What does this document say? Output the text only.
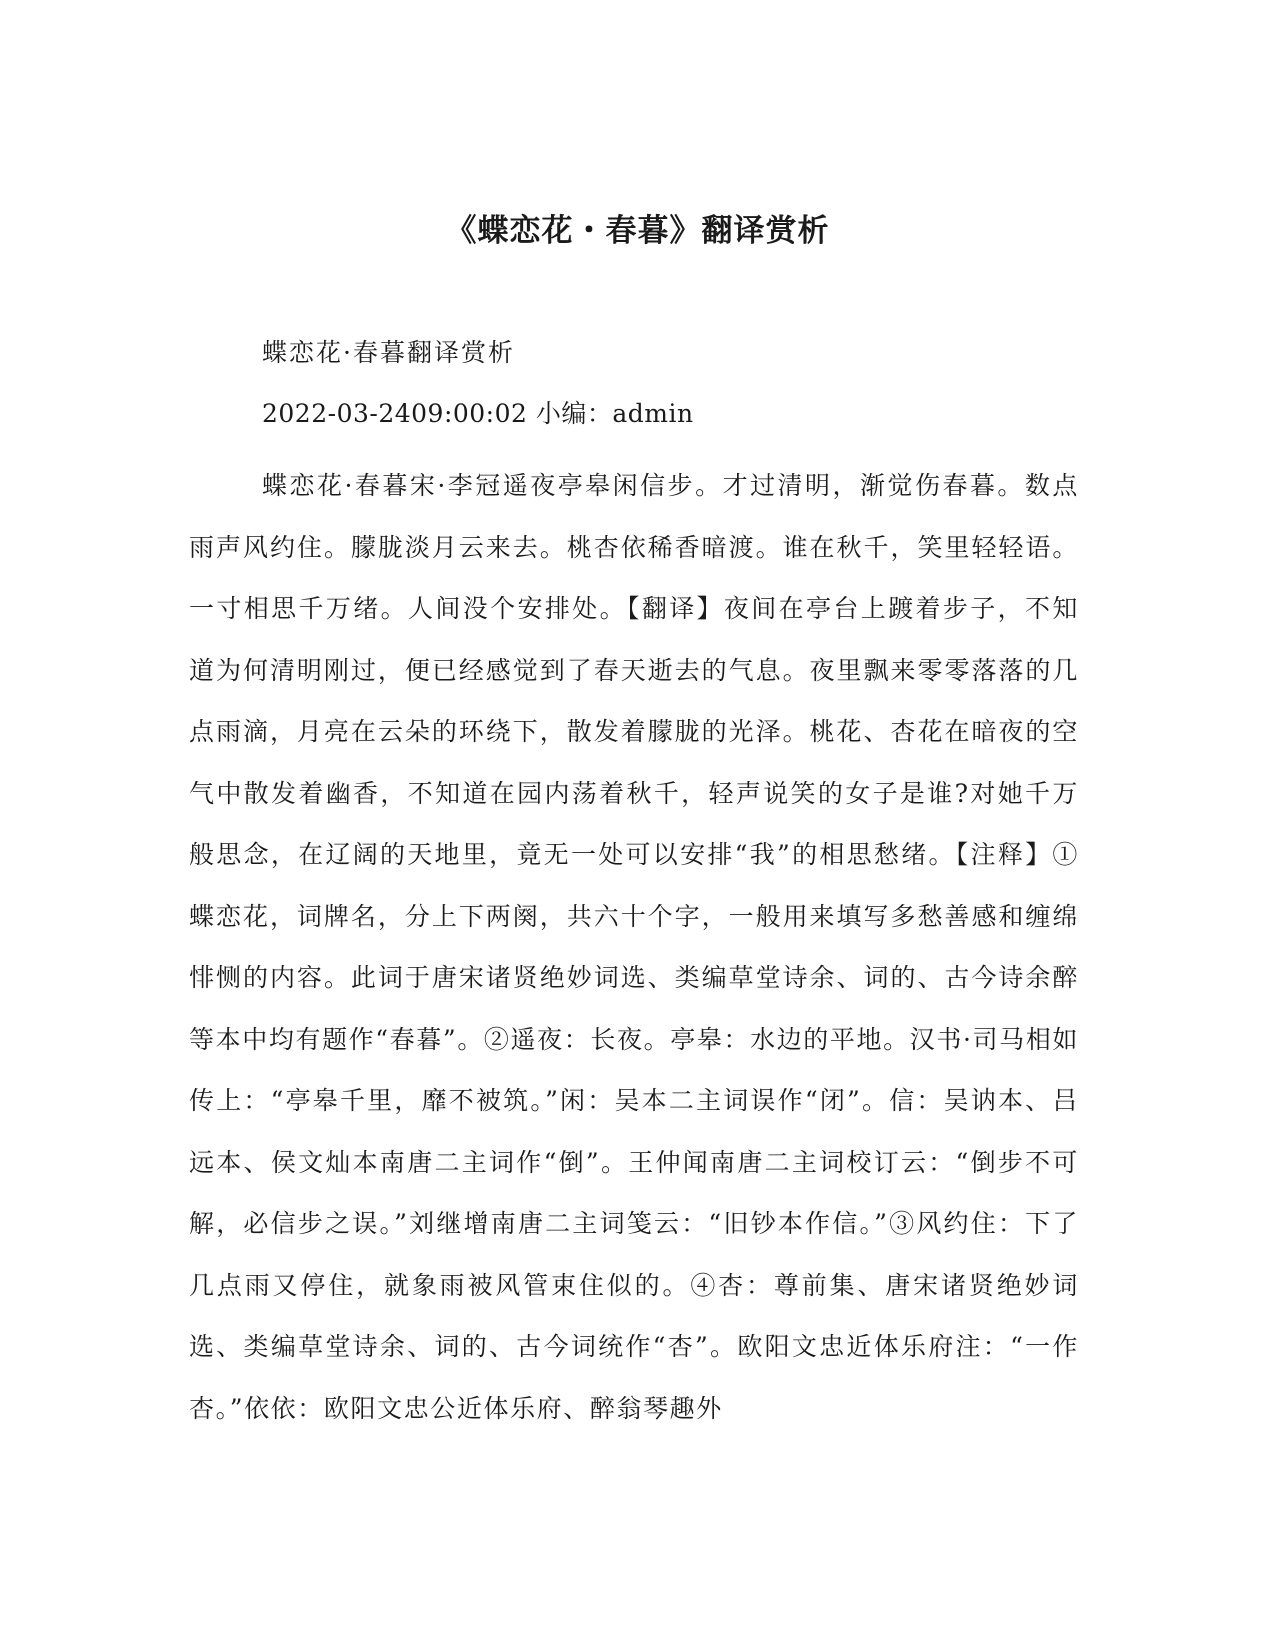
《蝶恋花・春暮》翻译赏析

蝶恋花·春暮翻译赏析

2022-03-2409:00:02 小编：admin

蝶恋花·春暮宋·李冠遥夜亭皋闲信步。才过清明，渐觉伤春暮。数点雨声风约住。朦胧淡月云来去。桃杏依稀香暗渡。谁在秋千，笑里轻轻语。一寸相思千万绪。人间没个安排处。【翻译】夜间在亭台上踱着步子，不知道为何清明刚过，便已经感觉到了春天逝去的气息。夜里飘来零零落落的几点雨滴，月亮在云朵的环绕下，散发着朦胧的光泽。桃花、杏花在暗夜的空气中散发着幽香，不知道在园内荡着秋千，轻声说笑的女子是谁?对她千万般思念，在辽阔的天地里，竟无一处可以安排“我”的相思愁绪。【注释】①蝶恋花，词牌名，分上下两阕，共六十个字，一般用来填写多愁善感和缠绵悱恻的内容。此词于唐宋诸贤绝妙词选、类编草堂诗余、词的、古今诗余醉等本中均有题作“春暮”。②遥夜：长夜。亭皋：水边的平地。汉书·司马相如传上：“亭皋千里，靡不被筑。”闲：吴本二主词误作“闭”。信：吴讷本、吕远本、侯文灿本南唐二主词作“倒”。王仲闻南唐二主词校订云：“倒步不可解，必信步之误。”刘继增南唐二主词笺云：“旧钞本作信。”③风约住：下了几点雨又停住，就象雨被风管束住似的。④杏：尊前集、唐宋诸贤绝妙词选、类编草堂诗余、词的、古今词统作“杏”。欧阳文忠近体乐府注：“一作杏。”依依：欧阳文忠公近体乐府、醉翁琴趣外
